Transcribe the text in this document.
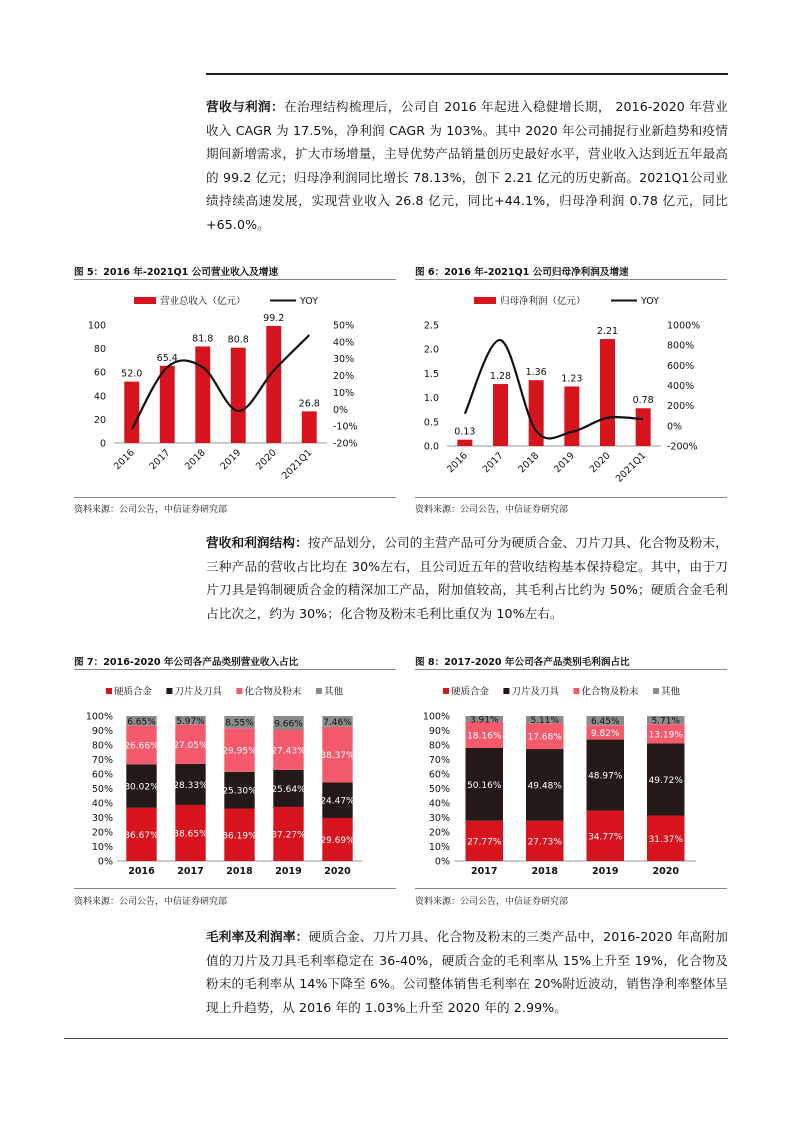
营收与利润：在治理结构梳理后，公司自 2016 年起进入稳健增长期， 2016-2020 年营业收入 CAGR 为 17.5%，净利润 CAGR 为 103%。其中 2020 年公司捕捉行业新趋势和疫情期间新增需求，扩大市场增量，主导优势产品销量创历史最好水平，营业收入达到近五年最高的 99.2 亿元；归母净利润同比增长 78.13%，创下 2.21 亿元的历史新高。2021Q1公司业绩持续高速发展，实现营业收入 26.8 亿元，同比+44.1%，归母净利润 0.78 亿元，同比+65.0%。

图 5：2016 年-2021Q1 公司营业收入及增速
营业总收入（亿元）	YOY
0
20
40
60
80
100
-20%
-10%
0%
10%
20%
30%
40%
50%
52.0
2016
65.4
2017
81.8
2018
80.8
2019
99.2
2020
26.8
2021Q1
资料来源：公司公告，中信证券研究部
图 6：2016 年-2021Q1 公司归母净利润及增速
归母净利润（亿元）	YOY
0.0
0.5
1.0
1.5
2.0
2.5
-200%
0%
200%
400%
600%
800%
1000%
0.13
2016
1.28
2017
1.36
2018
1.23
2019
2.21
2020
0.78
2021Q1
资料来源：公司公告，中信证券研究部

营收和利润结构：按产品划分，公司的主营产品可分为硬质合金、刀片刀具、化合物及粉末，三种产品的营收占比均在 30%左右，且公司近五年的营收结构基本保持稳定。其中，由于刀片刀具是钨制硬质合金的精深加工产品，附加值较高，其毛利占比约为 50%；硬质合金毛利占比次之，约为 30%；化合物及粉末毛利比重仅为 10%左右。

图 7：2016-2020 年公司各产品类别营业收入占比
硬质合金 刀片及刀具 化合物及粉末 其他
0%
10%
20%
30%
40%
50%
60%
70%
80%
90%
100%
36.67%
30.02%
26.66%
6.65%
2016
38.65%
28.33%
27.05%
5.97%
2017
36.19%
25.30%
29.95%
8.55%
2018
37.27%
25.64%
27.43%
9.66%
2019
29.69%
24.47%
38.37%
7.46%
2020
资料来源：公司公告，中信证券研究部
图 8：2017-2020 年公司各产品类别毛利润占比
硬质合金 刀片及刀具 化合物及粉末 其他
0%
10%
20%
30%
40%
50%
60%
70%
80%
90%
100%
27.77%
50.16%
18.16%
3.91%
2017
27.73%
49.48%
17.68%
5.11%
2018
34.77%
48.97%
9.82%
6.45%
2019
31.37%
49.72%
13.19%
5.71%
2020
资料来源：公司公告，中信证券研究部

毛利率及利润率：硬质合金、刀片刀具、化合物及粉末的三类产品中，2016-2020 年高附加值的刀片及刀具毛利率稳定在 36-40%，硬质合金的毛利率从 15%上升至 19%，化合物及粉末的毛利率从 14%下降至 6%。公司整体销售毛利率在 20%附近波动，销售净利率整体呈现上升趋势，从 2016 年的 1.03%上升至 2020 年的 2.99%。
